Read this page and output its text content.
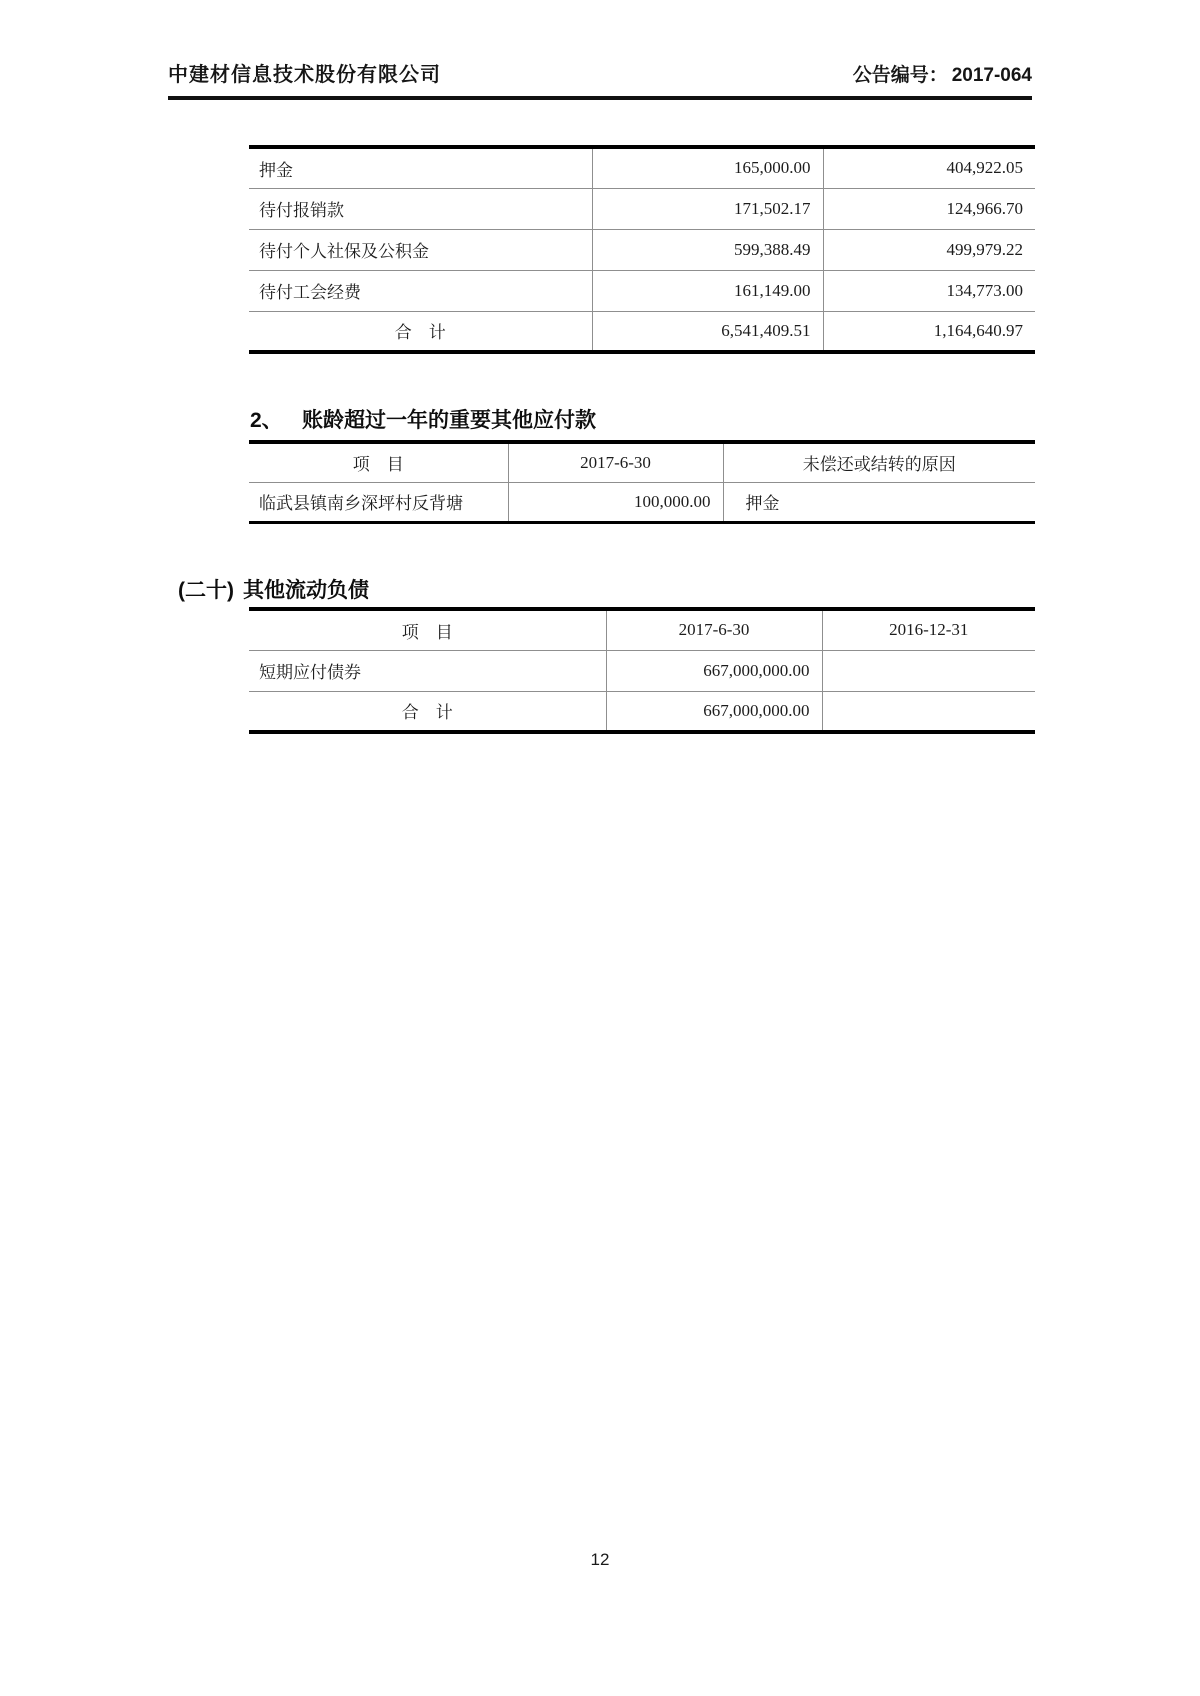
中建材信息技术股份有限公司	公告编号： 2017-064
押金	165,000.00	404,922.05
待付报销款	171,502.17	124,966.70
待付个人社保及公积金	599,388.49	499,979.22
待付工会经费	161,149.00	134,773.00
合　计	6,541,409.51	1,164,640.97
2、 账龄超过一年的重要其他应付款
项　目	2017-6-30	未偿还或结转的原因
临武县镇南乡深坪村反背塘	100,000.00	押金
(二十) 其他流动负债
项　目	2017-6-30	2016-12-31
短期应付债券	667,000,000.00	
合　计	667,000,000.00	
12
